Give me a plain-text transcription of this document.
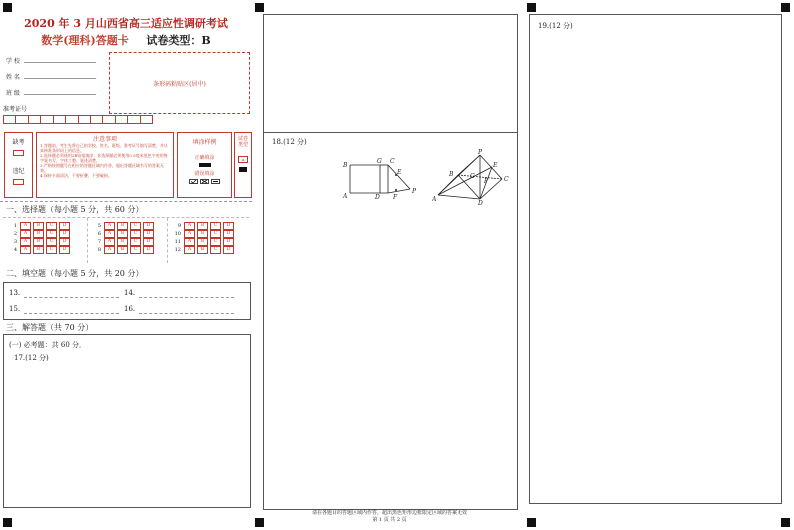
2020 年 3 月山西省高三适应性调研考试
数学(理科)答题卡 试卷类型：B
学 校
姓 名
班 级
准考证号
条形码粘贴区(居中)
缺考
违纪
注意事项
1.答题前，考生先将自己的学校、姓名、班级、准考证号填写清楚，并认真核准条形码上的信息。
2.选择题必须使用2B铅笔填涂；非选择题必须使用0.5毫米黑色字迹的签字笔书写，字体工整、笔迹清楚。
3.严格按照题号在相应的答题区域内作答，超出答题区域书写的答案无效。
4.保持卡面清洁，不要折叠，不要破损。
填涂样例
正确填涂
错误填涂
试卷类型
A
一、选择题（每小题 5 分，共 60 分）
1	A	B	C	D
2	A	B	C	D
3	A	B	C	D
4	A	B	C	D
5	A	B	C	D
6	A	B	C	D
7	A	B	C	D
8	A	B	C	D
9	A	B	C	D
10	A	B	C	D
11	A	B	C	D
12	A	B	C	D
二、填空题（每小题 5 分，共 20 分）
13.	14.
15.	16.
三、解答题（共 70 分）
(一) 必考题：共 60 分．
17.(12 分)
18.(12 分)
B
G C
E
A	D F
P
P
B	G
E
C
F
A
D
请在各题目的答题区域内作答，超出黑色矩形边框限定区域的答案无效
第 1 页 共 2 页
19.(12 分)
